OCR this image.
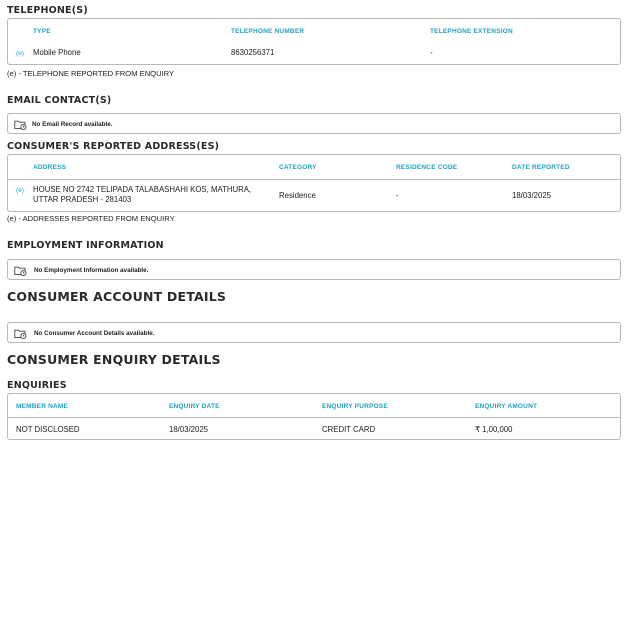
TELEPHONE(S)
TYPE	TELEPHONE NUMBER	TELEPHONE EXTENSION
(e) Mobile Phone	8630256371	-
(e) - TELEPHONE REPORTED FROM ENQUIRY
EMAIL CONTACT(S)
No Email Record available.
CONSUMER'S REPORTED ADDRESS(ES)
ADDRESS	CATEGORY	RESIDENCE CODE	DATE REPORTED
(e) HOUSE NO 2742 TELIPADA TALABASHAHI KOS, MATHURA,
UTTAR PRADESH - 281403	Residence	-	18/03/2025
(e) - ADDRESSES REPORTED FROM ENQUIRY
EMPLOYMENT INFORMATION
No Employment Information available.
CONSUMER ACCOUNT DETAILS
No Consumer Account Details available.
CONSUMER ENQUIRY DETAILS
ENQUIRIES
MEMBER NAME	ENQUIRY DATE	ENQUIRY PURPOSE	ENQUIRY AMOUNT
NOT DISCLOSED	18/03/2025	CREDIT CARD	₹ 1,00,000
